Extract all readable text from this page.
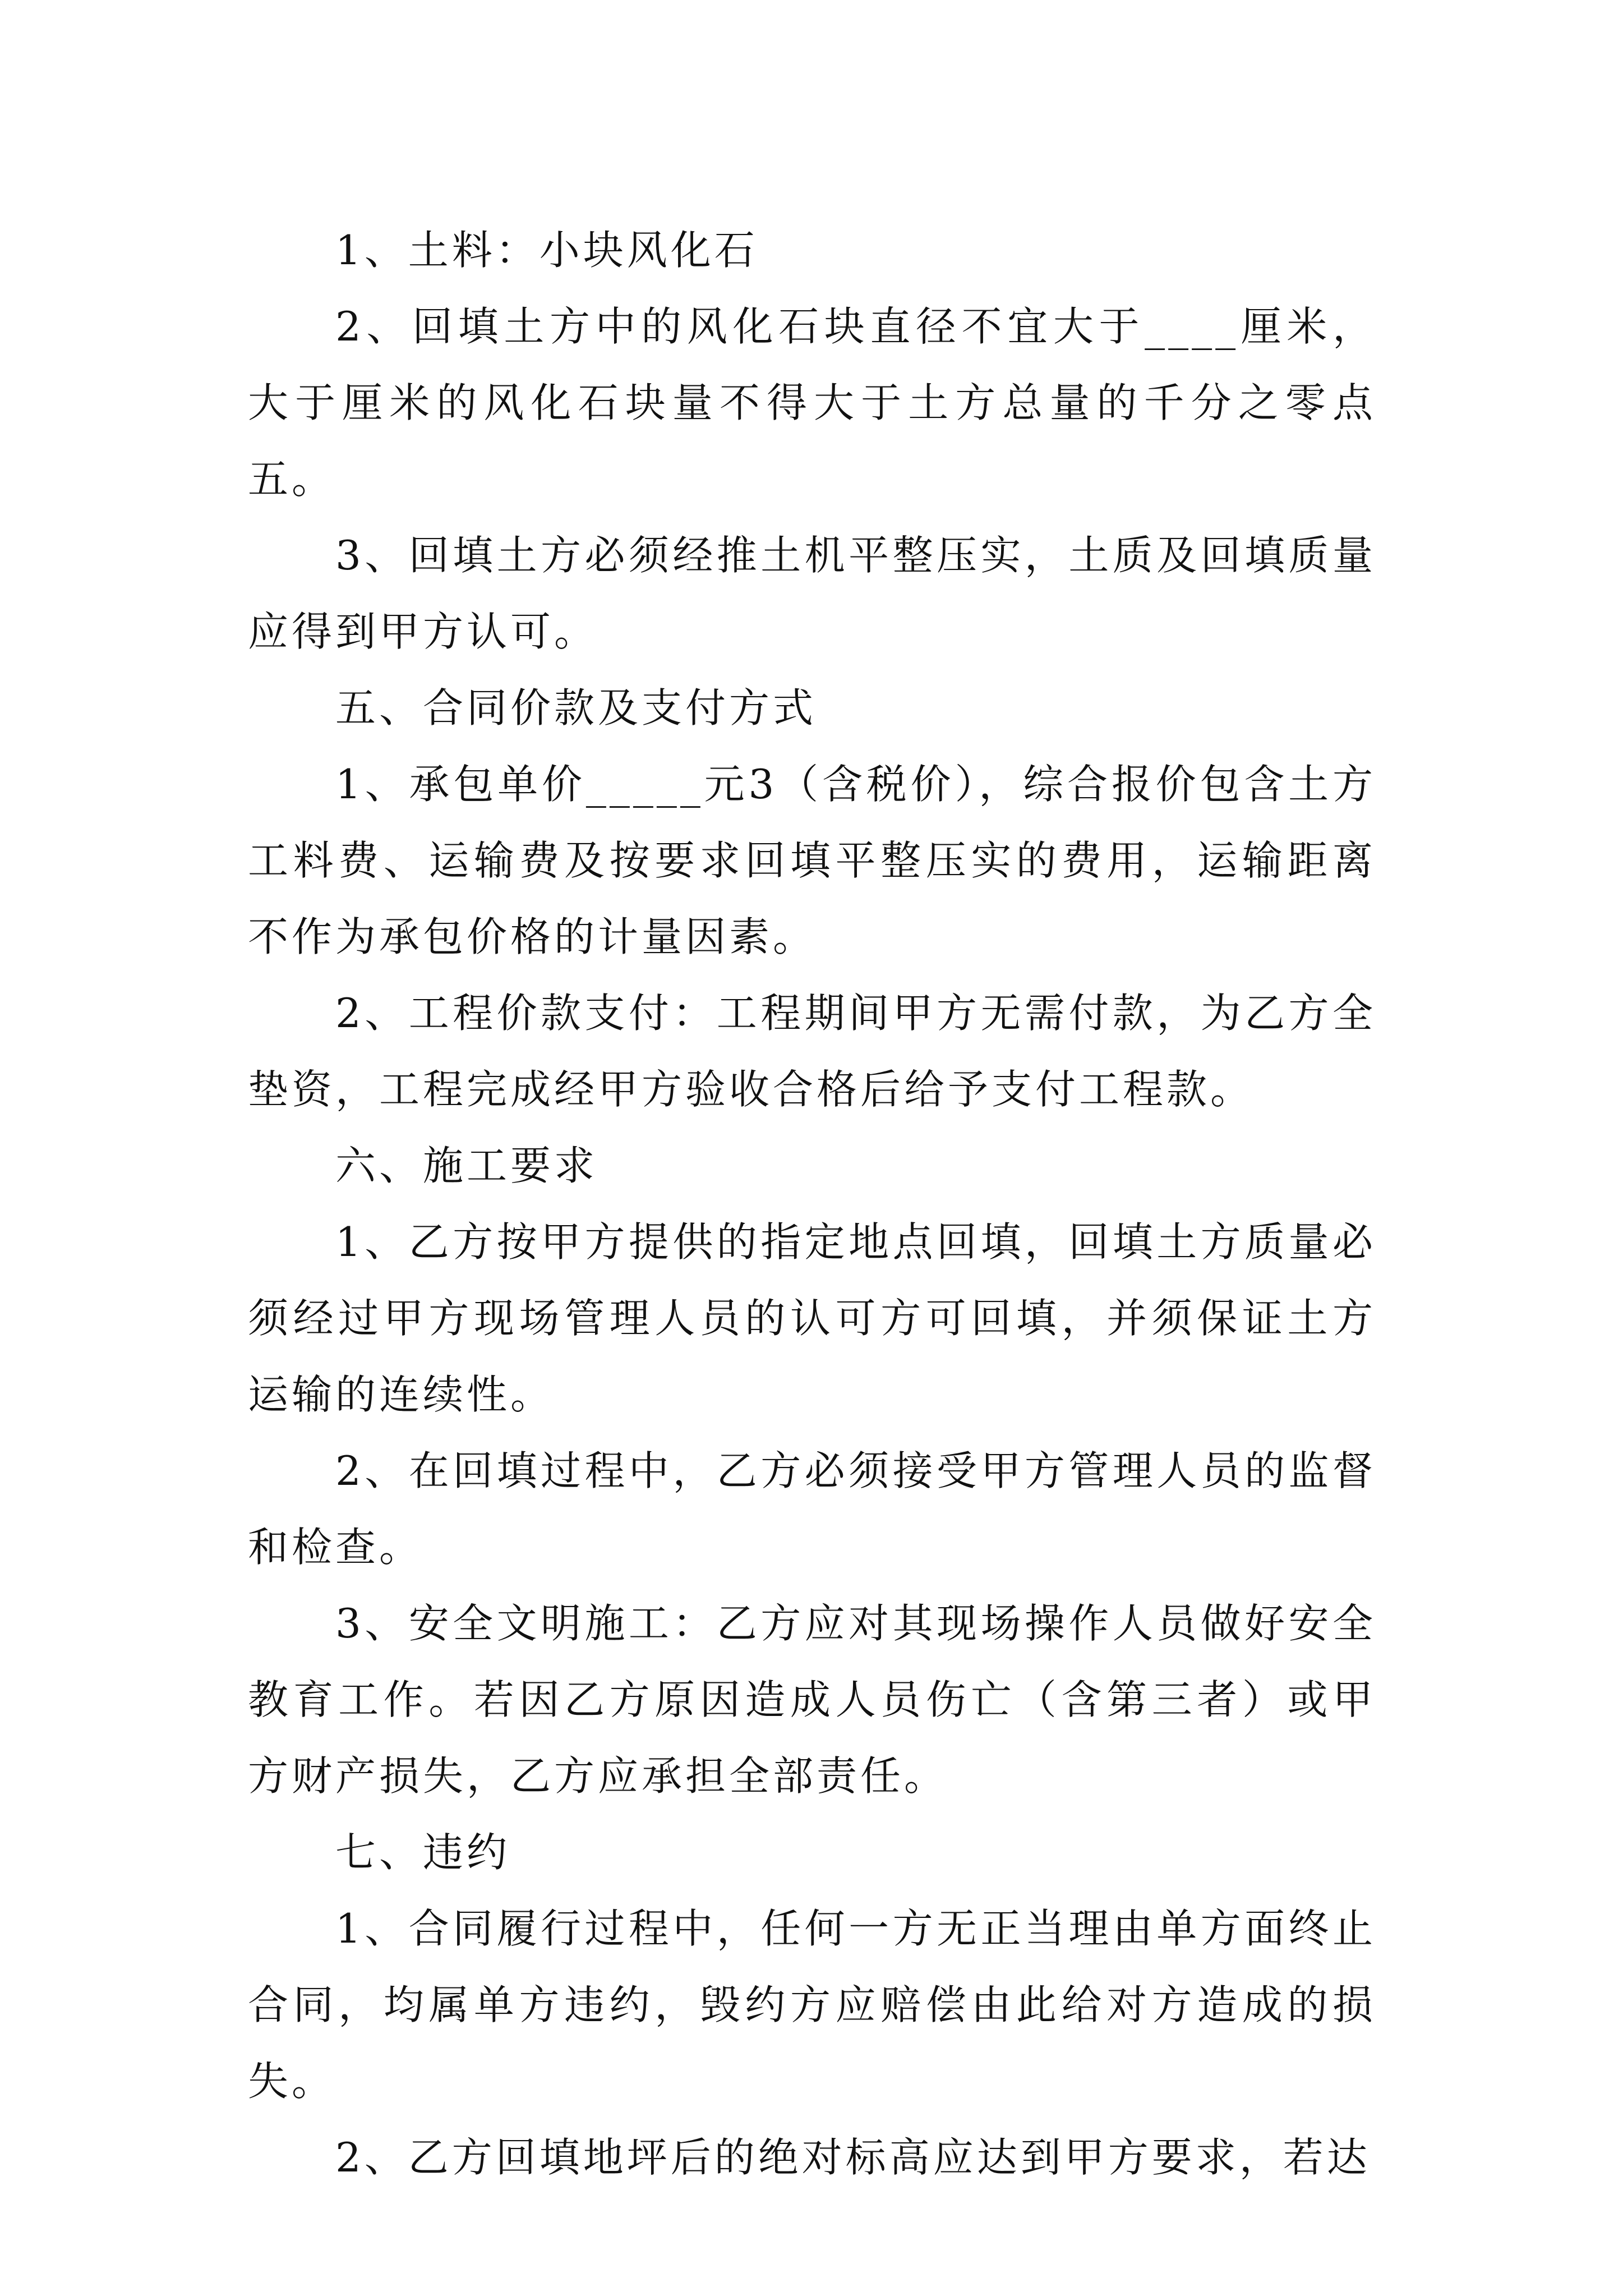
1、土料：小块风化石

2、回填土方中的风化石块直径不宜大于____厘米，大于厘米的风化石块量不得大于土方总量的千分之零点五。

3、回填土方必须经推土机平整压实，土质及回填质量应得到甲方认可。

五、合同价款及支付方式

1、承包单价_____元3（含税价），综合报价包含土方工料费、运输费及按要求回填平整压实的费用，运输距离不作为承包价格的计量因素。

2、工程价款支付：工程期间甲方无需付款，为乙方全垫资，工程完成经甲方验收合格后给予支付工程款。

六、施工要求

1、乙方按甲方提供的指定地点回填，回填土方质量必须经过甲方现场管理人员的认可方可回填，并须保证土方运输的连续性。

2、在回填过程中，乙方必须接受甲方管理人员的监督和检查。

3、安全文明施工：乙方应对其现场操作人员做好安全教育工作。若因乙方原因造成人员伤亡（含第三者）或甲方财产损失，乙方应承担全部责任。

七、违约

1、合同履行过程中，任何一方无正当理由单方面终止合同，均属单方违约，毁约方应赔偿由此给对方造成的损失。

2、乙方回填地坪后的绝对标高应达到甲方要求，若达
